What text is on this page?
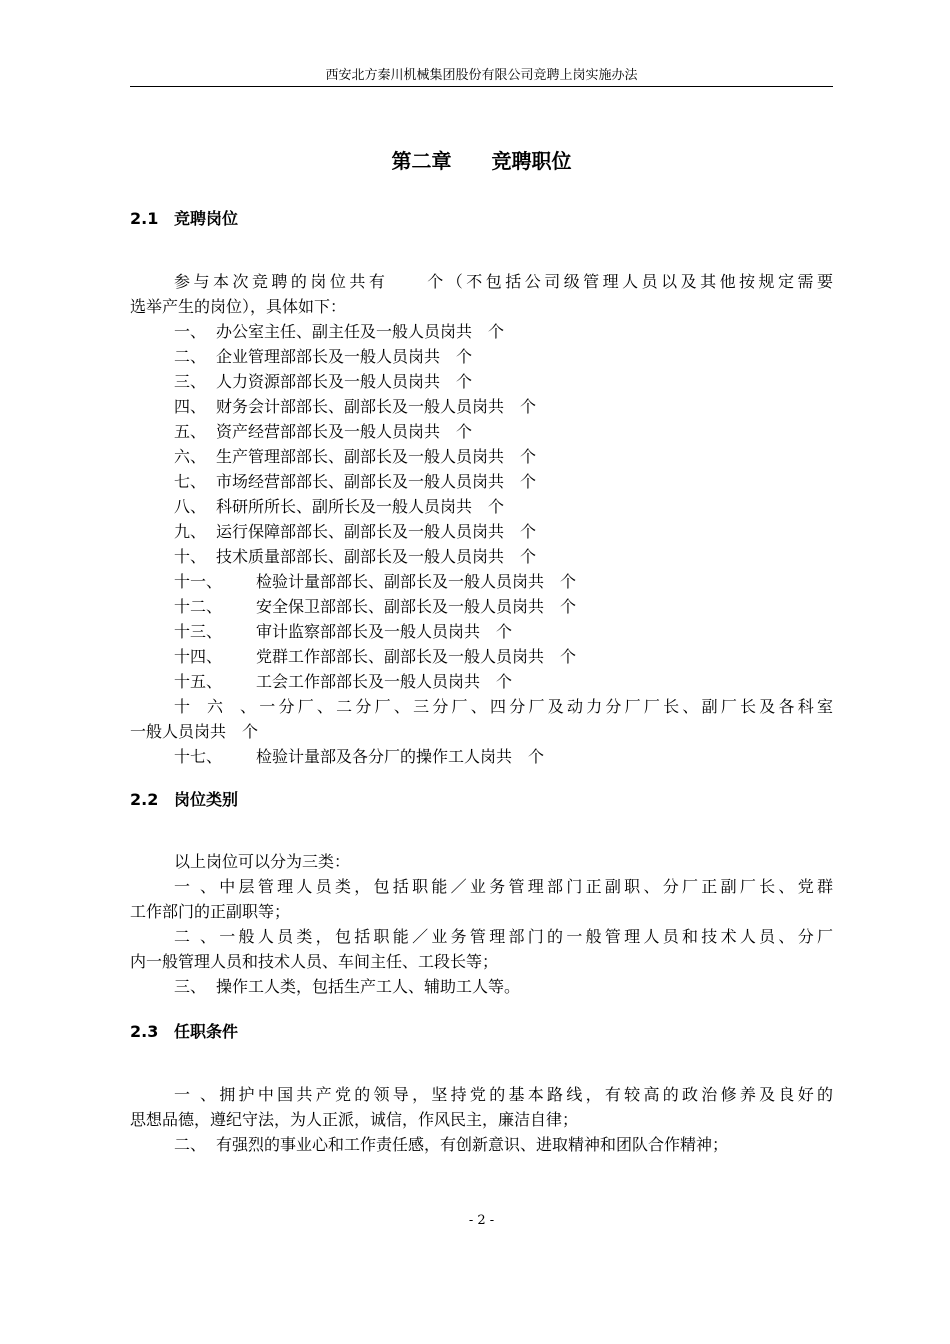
西安北方秦川机械集团股份有限公司竞聘上岗实施办法
第二章 竞聘职位
2.1 竞聘岗位
参与本次竞聘的岗位共有　　个（不包括公司级管理人员以及其他按规定需要
选举产生的岗位），具体如下：
一、 办公室主任、副主任及一般人员岗共　个
二、 企业管理部部长及一般人员岗共　个
三、 人力资源部部长及一般人员岗共　个
四、 财务会计部部长、副部长及一般人员岗共　个
五、 资产经营部部长及一般人员岗共　个
六、 生产管理部部长、副部长及一般人员岗共　个
七、 市场经营部部长、副部长及一般人员岗共　个
八、 科研所所长、副所长及一般人员岗共　个
九、 运行保障部部长、副部长及一般人员岗共　个
十、 技术质量部部长、副部长及一般人员岗共　个
十一、 检验计量部部长、副部长及一般人员岗共　个
十二、 安全保卫部部长、副部长及一般人员岗共　个
十三、 审计监察部部长及一般人员岗共　个
十四、 党群工作部部长、副部长及一般人员岗共　个
十五、 工会工作部部长及一般人员岗共　个
十六、一分厂、二分厂、三分厂、四分厂及动力分厂厂长、副厂长及各科室
一般人员岗共　个
十七、 检验计量部及各分厂的操作工人岗共　个
2.2 岗位类别
以上岗位可以分为三类：
一、中层管理人员类，包括职能／业务管理部门正副职、分厂正副厂长、党群
工作部门的正副职等；
二、一般人员类，包括职能／业务管理部门的一般管理人员和技术人员、分厂
内一般管理人员和技术人员、车间主任、工段长等；
三、 操作工人类，包括生产工人、辅助工人等。
2.3 任职条件
一、拥护中国共产党的领导，坚持党的基本路线，有较高的政治修养及良好的
思想品德，遵纪守法，为人正派，诚信，作风民主，廉洁自律；
二、 有强烈的事业心和工作责任感，有创新意识、进取精神和团队合作精神；
- 2 -
